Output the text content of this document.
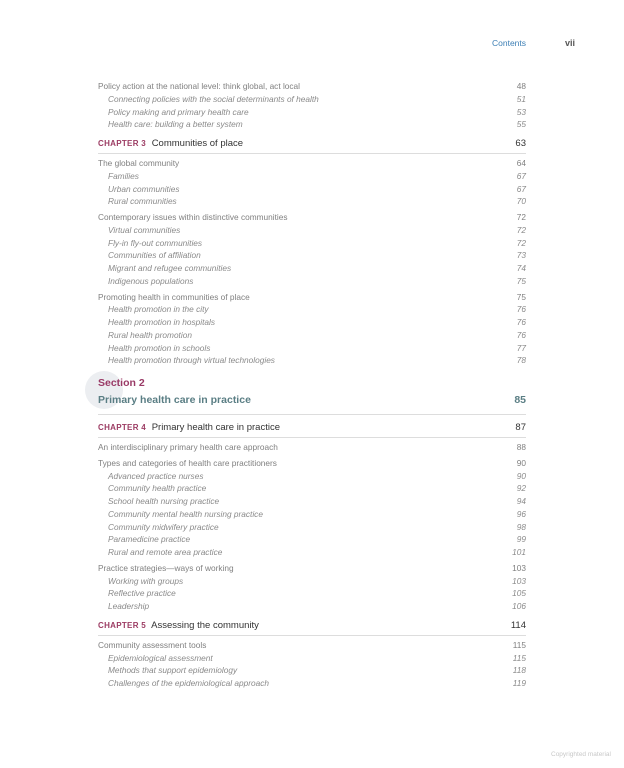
Contents	vii
Policy action at the national level: think global, act local	48
Connecting policies with the social determinants of health	51
Policy making and primary health care	53
Health care: building a better system	55
CHAPTER 3 Communities of place	63
The global community	64
Families	67
Urban communities	67
Rural communities	70
Contemporary issues within distinctive communities	72
Virtual communities	72
Fly-in fly-out communities	72
Communities of affiliation	73
Migrant and refugee communities	74
Indigenous populations	75
Promoting health in communities of place	75
Health promotion in the city	76
Health promotion in hospitals	76
Rural health promotion	76
Health promotion in schools	77
Health promotion through virtual technologies	78
Section 2
Primary health care in practice	85
CHAPTER 4 Primary health care in practice	87
An interdisciplinary primary health care approach	88
Types and categories of health care practitioners	90
Advanced practice nurses	90
Community health practice	92
School health nursing practice	94
Community mental health nursing practice	96
Community midwifery practice	98
Paramedicine practice	99
Rural and remote area practice	101
Practice strategies—ways of working	103
Working with groups	103
Reflective practice	105
Leadership	106
CHAPTER 5 Assessing the community	114
Community assessment tools	115
Epidemiological assessment	115
Methods that support epidemiology	118
Challenges of the epidemiological approach	119
Copyrighted material
